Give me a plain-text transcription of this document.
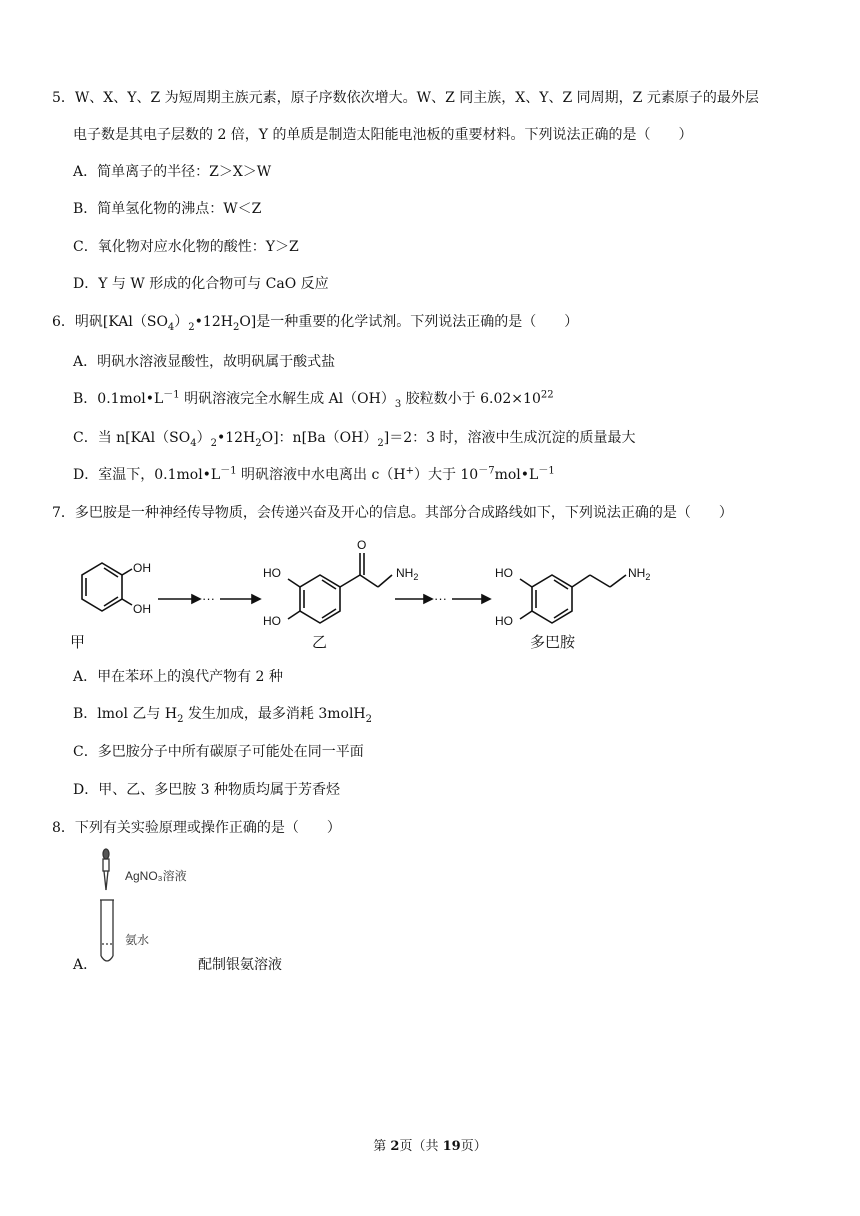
5．W、X、Y、Z 为短周期主族元素，原子序数依次增大。W、Z 同主族，X、Y、Z 同周期，Z 元素原子的最外层
电子数是其电子层数的 2 倍，Y 的单质是制造太阳能电池板的重要材料。下列说法正确的是（　　）
A．简单离子的半径：Z＞X＞W
B．简单氢化物的沸点：W＜Z
C．氧化物对应水化物的酸性：Y＞Z
D．Y 与 W 形成的化合物可与 CaO 反应
6．明矾$[KAl(SO_4)_2•12H_2O]$是一种重要的化学试剂。下列说法正确的是（　　）
A．明矾水溶液显酸性，故明矾属于酸式盐
B．$0.1mol•L^{-1}$ 明矾溶液完全水解生成 $Al(OH)_3$ 胶粒数小于 $6.02\times 10^{22}$
C．当 $n[KAl(SO_4)_2•12H_2O]$：$n[Ba(OH)_2]=2$：3 时，溶液中生成沉淀的质量最大
D．室温下，$0.1mol•L^{-1}$ 明矾溶液中水电离出 c（H+）大于 $10^{-7}mol•L^{-1}$
7．多巴胺是一种神经传导物质，会传递兴奋及开心的信息。其部分合成路线如下，下列说法正确的是（　　）
OH
OH
甲
···
HO
HO
O
$NH_2$
乙
···
HO
HO
$NH_2$
多巴胺
A．甲在苯环上的溴代产物有 2 种
B．lmol 乙与 $H_2$ 发生加成，最多消耗 3molH$_2$
C．多巴胺分子中所有碳原子可能处在同一平面
D．甲、乙、多巴胺 3 种物质均属于芳香烃
8．下列有关实验原理或操作正确的是（　　）
AgNO₃溶液
氨水
A．	配制银氨溶液
第 2页（共 19页）
